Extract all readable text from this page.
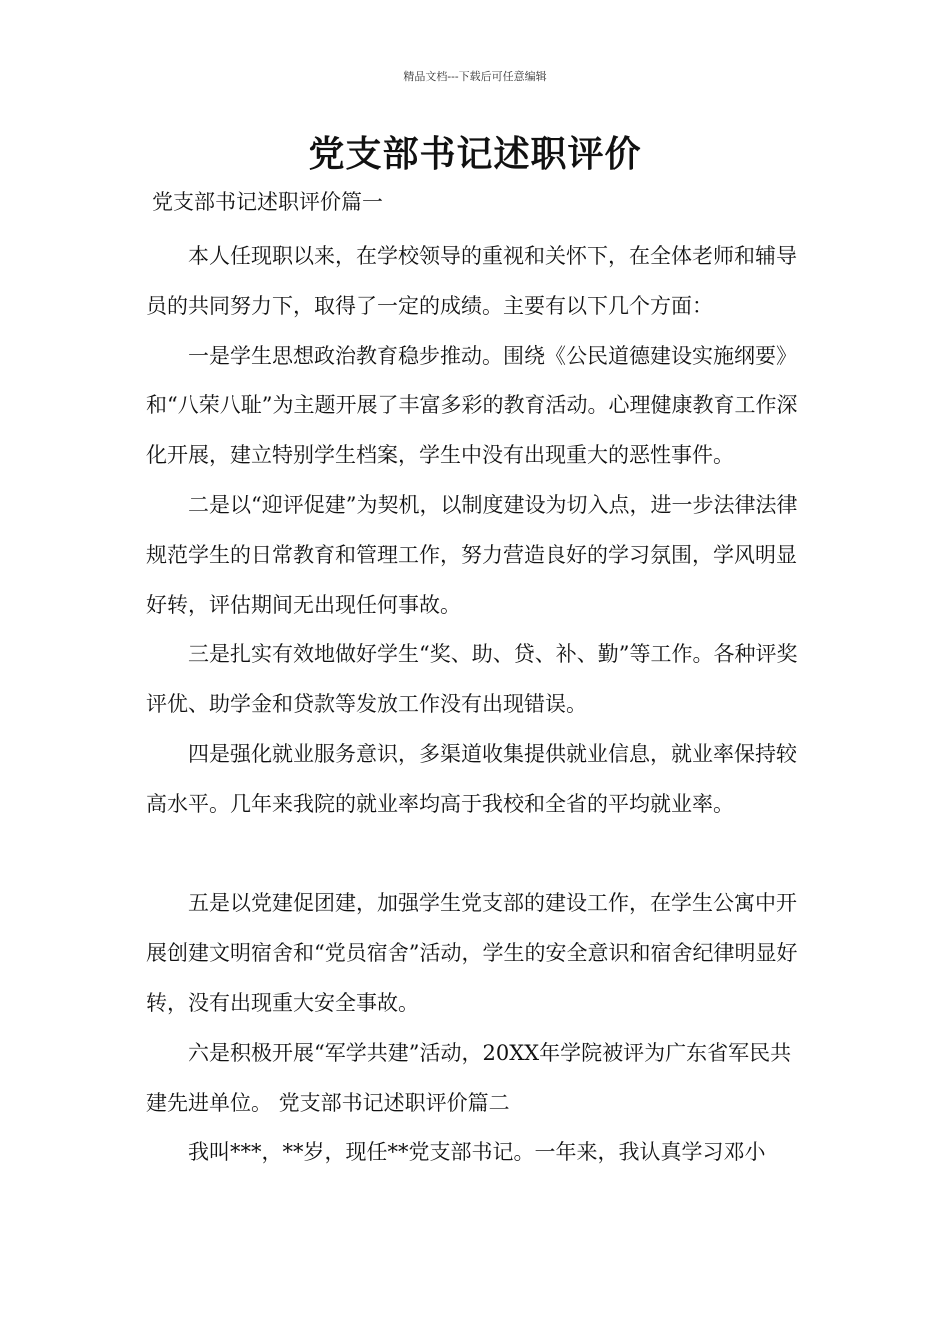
精品文档---下载后可任意编辑
党支部书记述职评价
党支部书记述职评价篇一

本人任现职以来，在学校领导的重视和关怀下，在全体老师和辅导员的共同努力下，取得了一定的成绩。主要有以下几个方面：

一是学生思想政治教育稳步推动。围绕《公民道德建设实施纲要》和“八荣八耻”为主题开展了丰富多彩的教育活动。心理健康教育工作深化开展，建立特别学生档案，学生中没有出现重大的恶性事件。

二是以“迎评促建”为契机，以制度建设为切入点，进一步法律法律规范学生的日常教育和管理工作，努力营造良好的学习氛围，学风明显好转，评估期间无出现任何事故。

三是扎实有效地做好学生“奖、助、贷、补、勤”等工作。各种评奖评优、助学金和贷款等发放工作没有出现错误。

四是强化就业服务意识，多渠道收集提供就业信息，就业率保持较高水平。几年来我院的就业率均高于我校和全省的平均就业率。

五是以党建促团建，加强学生党支部的建设工作，在学生公寓中开展创建文明宿舍和“党员宿舍”活动，学生的安全意识和宿舍纪律明显好转，没有出现重大安全事故。

六是积极开展“军学共建”活动，20XX年学院被评为广东省军民共建先进单位。 党支部书记述职评价篇二

我叫***，**岁，现任**党支部书记。一年来，我认真学习邓小
